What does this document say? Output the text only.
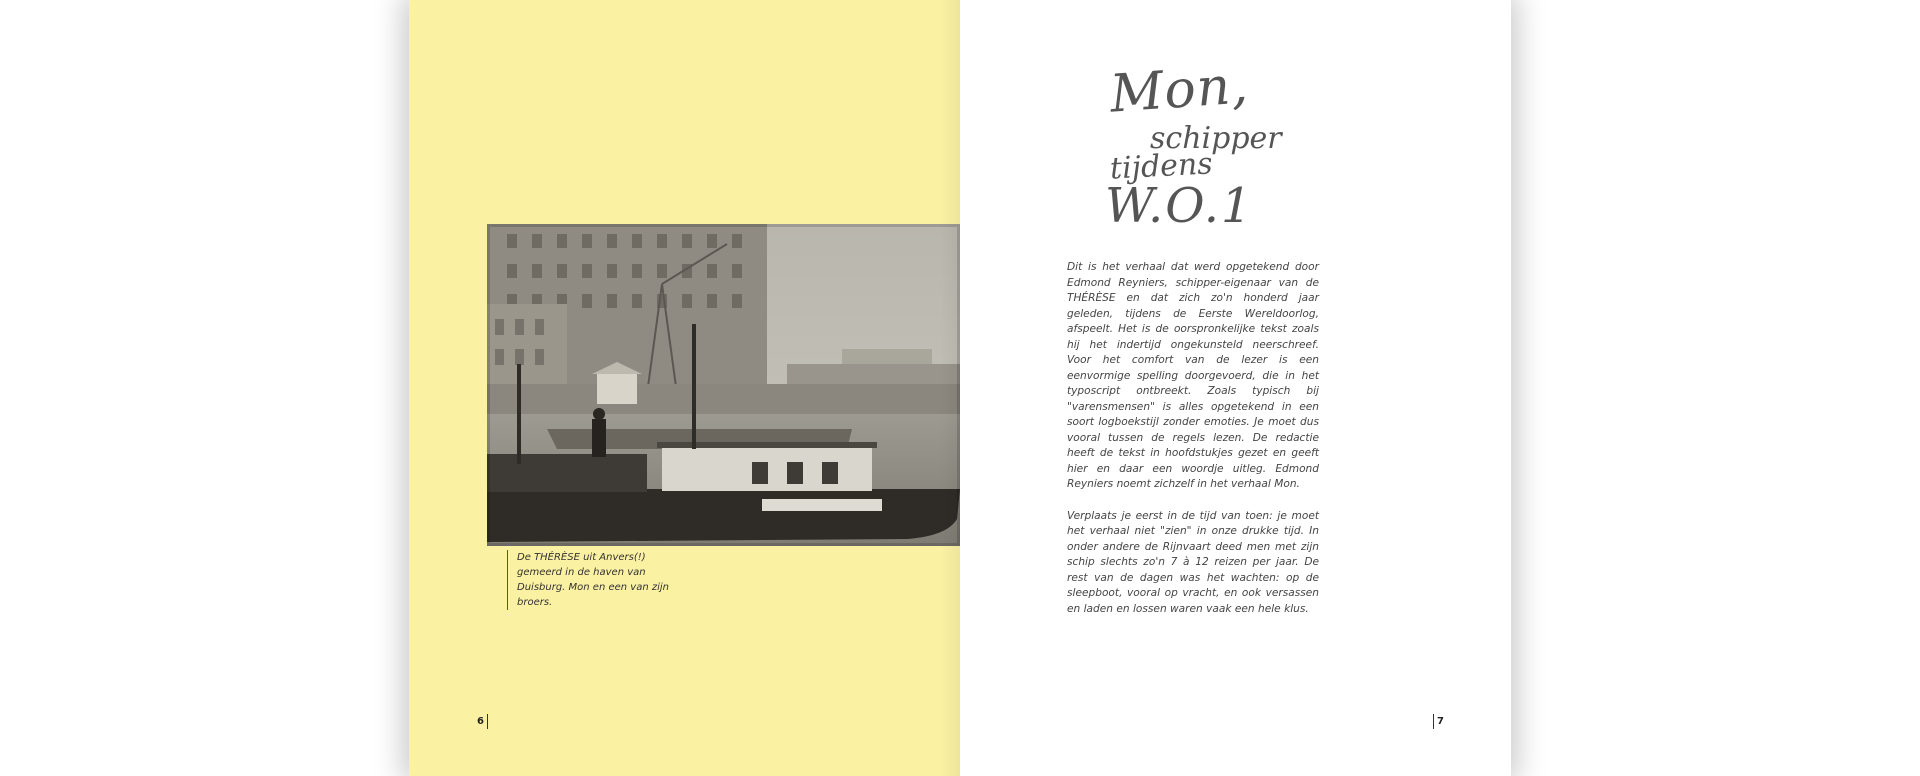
De THÉRÈSE uit Anvers(!) gemeerd in de haven van Duisburg. Mon en een van zijn broers.
6
Mon,
schipper
tijdens
W.O.1

Dit is het verhaal dat werd opgetekend door Edmond Reyniers, schipper-eigenaar van de THÉRÈSE en dat zich zo'n honderd jaar geleden, tijdens de Eerste Wereldoorlog, afspeelt. Het is de oorspronkelijke tekst zoals hij het indertijd ongekunsteld neerschreef. Voor het comfort van de lezer is een eenvormige spelling doorgevoerd, die in het typoscript ontbreekt. Zoals typisch bij "varensmensen" is alles opgetekend in een soort logboekstijl zonder emoties. Je moet dus vooral tussen de regels lezen. De redactie heeft de tekst in hoofdstukjes gezet en geeft hier en daar een woordje uitleg. Edmond Reyniers noemt zichzelf in het verhaal Mon.

Verplaats je eerst in de tijd van toen: je moet het verhaal niet "zien" in onze drukke tijd. In onder andere de Rijnvaart deed men met zijn schip slechts zo'n 7 à 12 reizen per jaar. De rest van de dagen was het wachten: op de sleepboot, vooral op vracht, en ook versassen en laden en lossen waren vaak een hele klus.

7
